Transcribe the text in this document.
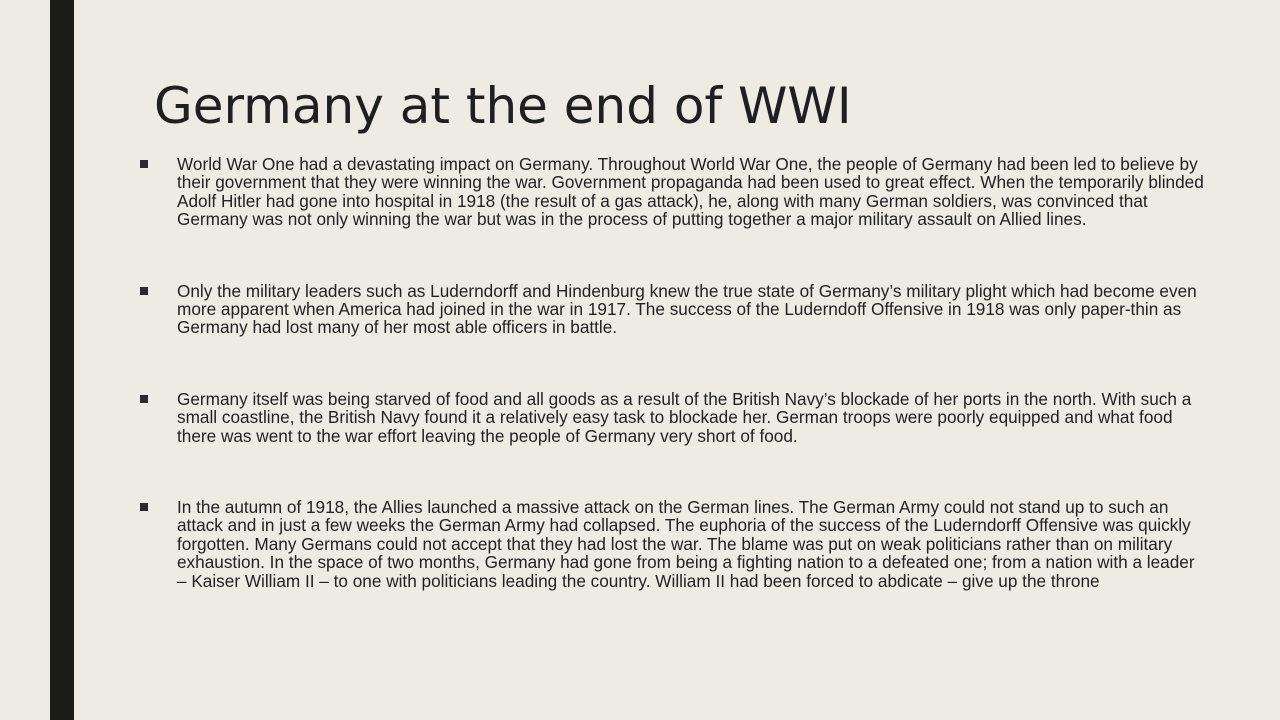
Germany at the end of WWI
World War One had a devastating impact on Germany. Throughout World War One, the people of Germany had been led to believe by their government that they were winning the war. Government propaganda had been used to great effect. When the temporarily blinded Adolf Hitler had gone into hospital in 1918 (the result of a gas attack), he, along with many German soldiers, was convinced that Germany was not only winning the war but was in the process of putting together a major military assault on Allied lines.
Only the military leaders such as Luderndorff and Hindenburg knew the true state of Germany’s military plight which had become even more apparent when America had joined in the war in 1917. The success of the Luderndoff Offensive in 1918 was only paper-thin as Germany had lost many of her most able officers in battle.
Germany itself was being starved of food and all goods as a result of the British Navy’s blockade of her ports in the north. With such a small coastline, the British Navy found it a relatively easy task to blockade her. German troops were poorly equipped and what food there was went to the war effort leaving the people of Germany very short of food.
In the autumn of 1918, the Allies launched a massive attack on the German lines. The German Army could not stand up to such an attack and in just a few weeks the German Army had collapsed. The euphoria of the success of the Luderndorff Offensive was quickly forgotten. Many Germans could not accept that they had lost the war. The blame was put on weak politicians rather than on military exhaustion. In the space of two months, Germany had gone from being a fighting nation to a defeated one; from a nation with a leader – Kaiser William II – to one with politicians leading the country. William II had been forced to abdicate – give up the throne
